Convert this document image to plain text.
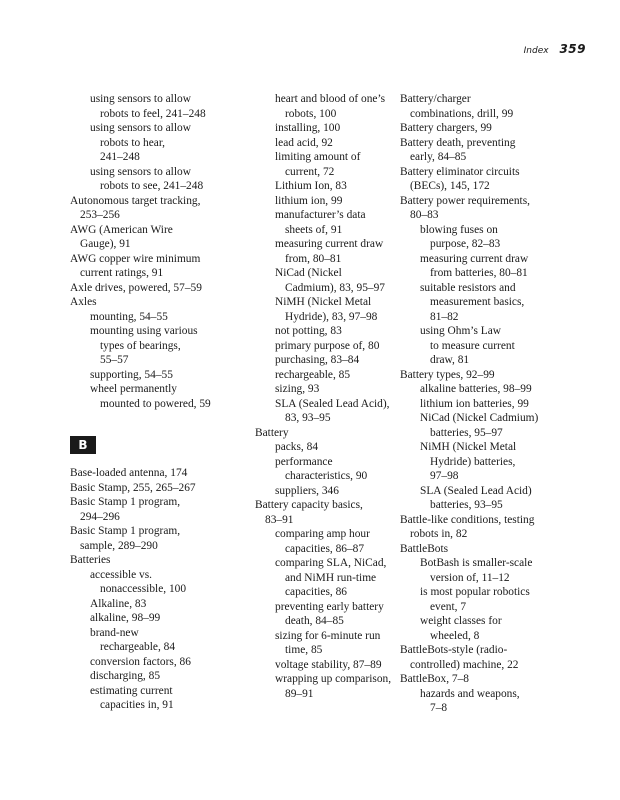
Index 359
using sensors to allow
robots to feel, 241–248
using sensors to allow
robots to hear,
241–248
using sensors to allow
robots to see, 241–248
Autonomous target tracking,
253–256
AWG (American Wire
Gauge), 91
AWG copper wire minimum
current ratings, 91
Axle drives, powered, 57–59
Axles
mounting, 54–55
mounting using various
types of bearings,
55–57
supporting, 54–55
wheel permanently
mounted to powered, 59
B
Base-loaded antenna, 174
Basic Stamp, 255, 265–267
Basic Stamp 1 program,
294–296
Basic Stamp 1 program,
sample, 289–290
Batteries
accessible vs.
nonaccessible, 100
Alkaline, 83
alkaline, 98–99
brand-new
rechargeable, 84
conversion factors, 86
discharging, 85
estimating current
capacities in, 91
heart and blood of one’s
robots, 100
installing, 100
lead acid, 92
limiting amount of
current, 72
Lithium Ion, 83
lithium ion, 99
manufacturer’s data
sheets of, 91
measuring current draw
from, 80–81
NiCad (Nickel
Cadmium), 83, 95–97
NiMH (Nickel Metal
Hydride), 83, 97–98
not potting, 83
primary purpose of, 80
purchasing, 83–84
rechargeable, 85
sizing, 93
SLA (Sealed Lead Acid),
83, 93–95
Battery
packs, 84
performance
characteristics, 90
suppliers, 346
Battery capacity basics,
83–91
comparing amp hour
capacities, 86–87
comparing SLA, NiCad,
and NiMH run-time
capacities, 86
preventing early battery
death, 84–85
sizing for 6-minute run
time, 85
voltage stability, 87–89
wrapping up comparison,
89–91
Battery/charger
combinations, drill, 99
Battery chargers, 99
Battery death, preventing
early, 84–85
Battery eliminator circuits
(BECs), 145, 172
Battery power requirements,
80–83
blowing fuses on
purpose, 82–83
measuring current draw
from batteries, 80–81
suitable resistors and
measurement basics,
81–82
using Ohm’s Law
to measure current
draw, 81
Battery types, 92–99
alkaline batteries, 98–99
lithium ion batteries, 99
NiCad (Nickel Cadmium)
batteries, 95–97
NiMH (Nickel Metal
Hydride) batteries,
97–98
SLA (Sealed Lead Acid)
batteries, 93–95
Battle-like conditions, testing
robots in, 82
BattleBots
BotBash is smaller-scale
version of, 11–12
is most popular robotics
event, 7
weight classes for
wheeled, 8
BattleBots-style (radio-
controlled) machine, 22
BattleBox, 7–8
hazards and weapons,
7–8
